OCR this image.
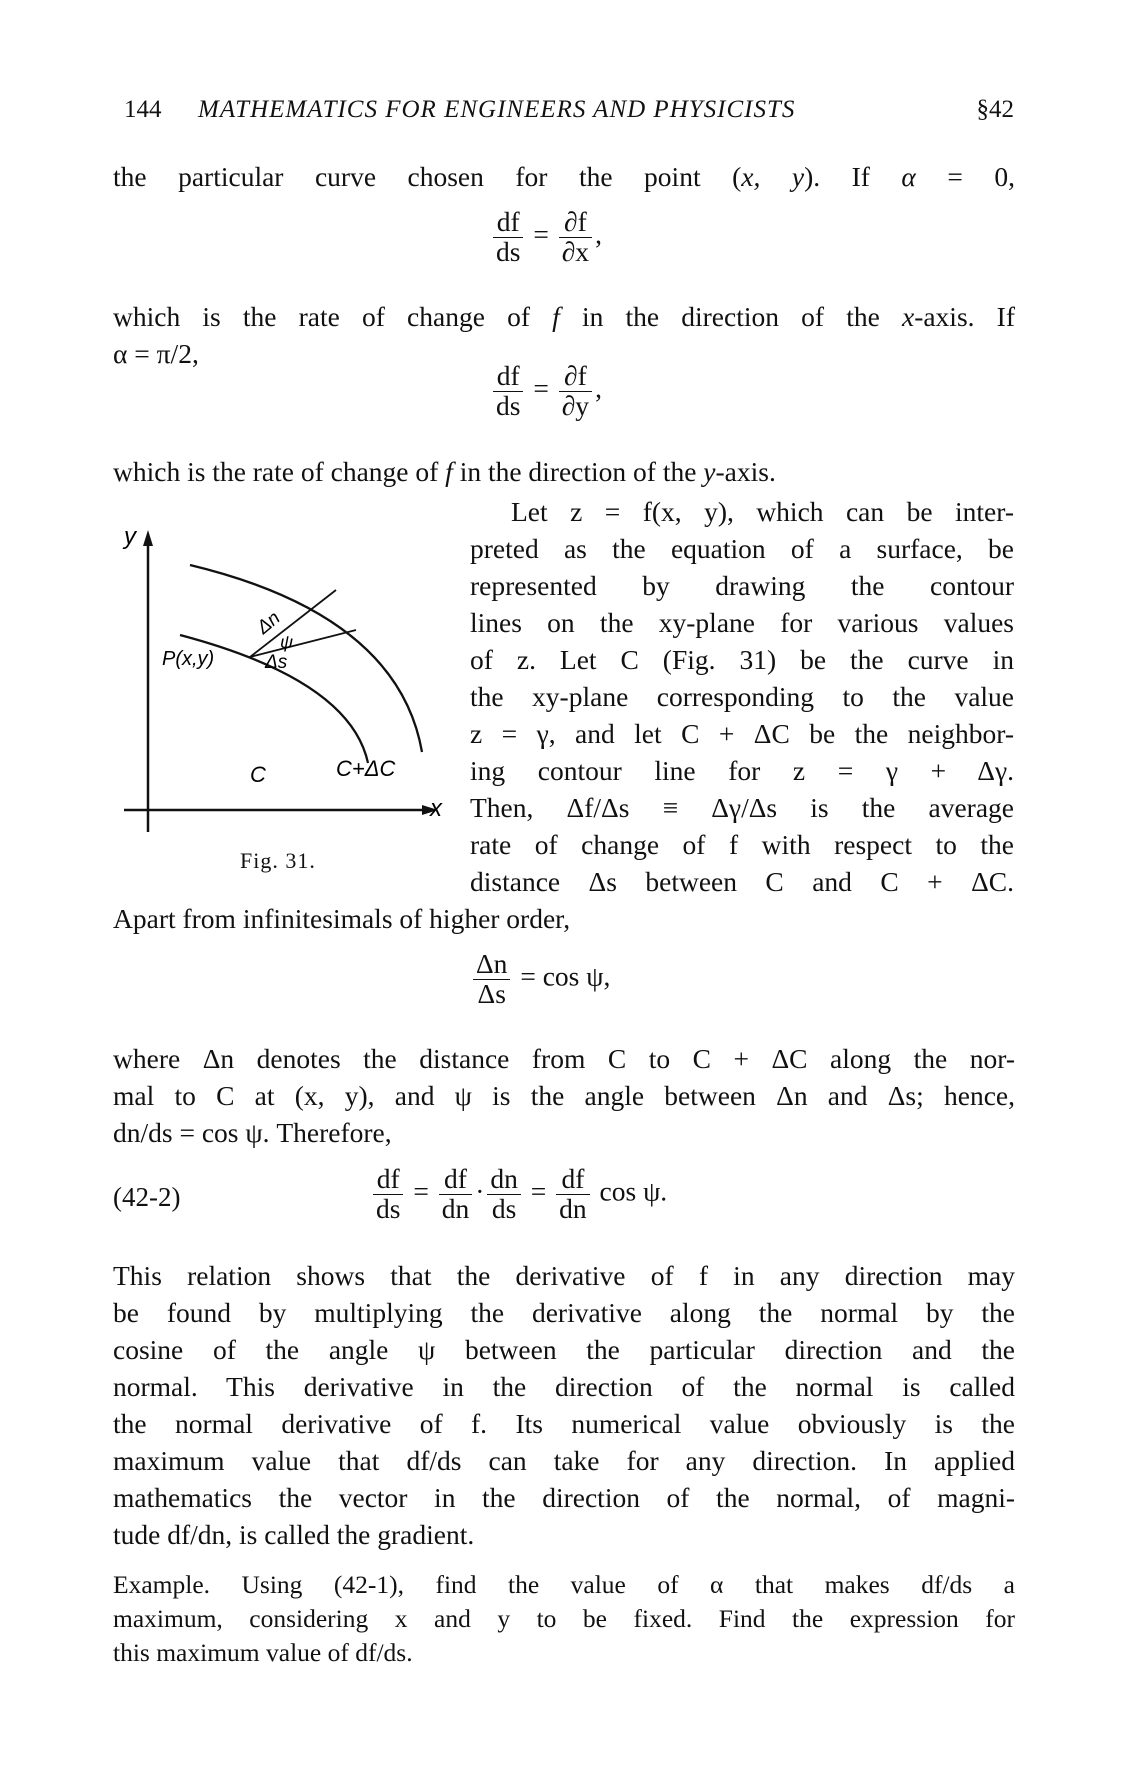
144 MATHEMATICS FOR ENGINEERS AND PHYSICISTS	§42
the particular curve chosen for the point (x, y). If α = 0,
$\frac{df}{ds} = \frac{\partial f}{\partial x}$ ,
which is the rate of change of f in the direction of the x-axis. If
α = π/2,
$\frac{df}{ds} = \frac{\partial f}{\partial y}$ ,
which is the rate of change of f in the direction of the y-axis.
y
x
P(x,y)
Δn
ψ
Δs
C	C+ΔC
Fig. 31.
Let z = f(x, y), which can be inter-
preted as the equation of a surface, be
represented by drawing the contour
lines on the xy-plane for various values
of z. Let C (Fig. 31) be the curve in
the xy-plane corresponding to the value
z = γ, and let C + ΔC be the neighbor-
ing contour line for z = γ + Δγ.
Then, Δf/Δs ≡ Δγ/Δs is the average
rate of change of f with respect to the
distance Δs between C and C + ΔC.
Apart from infinitesimals of higher order,
$\frac{\Delta n}{\Delta s} = \cos \psi$,
where Δn denotes the distance from C to C + ΔC along the nor-
mal to C at (x, y), and ψ is the angle between Δn and Δs; hence,
dn/ds = cos ψ. Therefore,
(42-2)	$\frac{df}{ds} = \frac{df}{dn} \cdot \frac{dn}{ds} = \frac{df}{dn}$ cos ψ.
This relation shows that the derivative of f in any direction may
be found by multiplying the derivative along the normal by the
cosine of the angle ψ between the particular direction and the
normal. This derivative in the direction of the normal is called
the normal derivative of f. Its numerical value obviously is the
maximum value that df/ds can take for any direction. In applied
mathematics the vector in the direction of the normal, of magni-
tude df/dn, is called the gradient.
Example. Using (42-1), find the value of α that makes df/ds a
maximum, considering x and y to be fixed. Find the expression for
this maximum value of df/ds.
